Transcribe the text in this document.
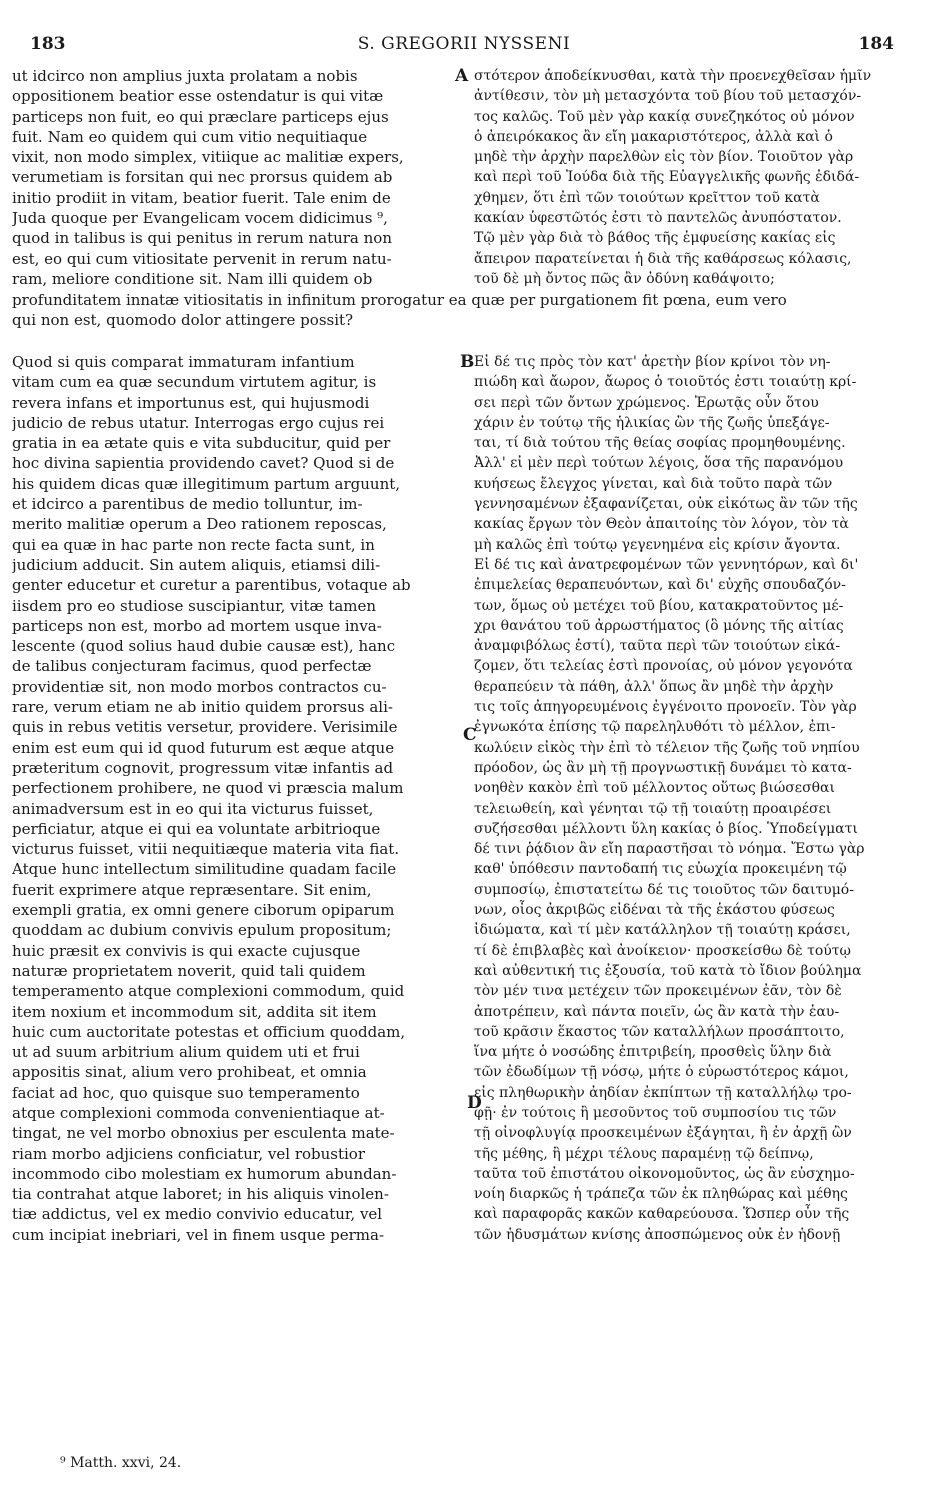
183	S. GREGORII NYSSENI	184
ut idcirco non amplius juxta prolatam a nobis
oppositionem beatior esse ostendatur is qui vitæ
particeps non fuit, eo qui præclare particeps ejus
fuit. Nam eo quidem qui cum vitio nequitiaque
vixit, non modo simplex, vitiique ac malitiæ expers,
verumetiam is forsitan qui nec prorsus quidem ab
initio prodiit in vitam, beatior fuerit. Tale enim de
Juda quoque per Evangelicam vocem didicimus ⁹,
quod in talibus is qui penitus in rerum natura non
est, eo qui cum vitiositate pervenit in rerum natu-
ram, meliore conditione sit. Nam illi quidem ob
στότερον ἀποδείκνυσθαι, κατὰ τὴν προενεχθεῖσαν ἡμῖν
ἀντίθεσιν, τὸν μὴ μετασχόντα τοῦ βίου τοῦ μετασχόν-
τος καλῶς. Τοῦ μὲν γὰρ κακίᾳ συνεζηκότος οὐ μόνον
ὁ ἀπειρόκακος ἂν εἴη μακαριστότερος, ἀλλὰ καὶ ὁ
μηδὲ τὴν ἀρχὴν παρελθὼν εἰς τὸν βίον. Τοιοῦτον γὰρ
καὶ περὶ τοῦ Ἰούδα διὰ τῆς Εὐαγγελικῆς φωνῆς ἐδιδά-
χθημεν, ὅτι ἐπὶ τῶν τοιούτων κρεῖττον τοῦ κατὰ
κακίαν ὑφεστῶτός ἐστι τὸ παντελῶς ἀνυπόστατον.
Τῷ μὲν γὰρ διὰ τὸ βάθος τῆς ἐμφυείσης κακίας εἰς
ἄπειρον παρατείνεται ἡ διὰ τῆς καθάρσεως κόλασις,
τοῦ δὲ μὴ ὄντος πῶς ἂν ὀδύνη καθάψοιτο;
profunditatem innatæ vitiositatis in infinitum prorogatur ea quæ per purgationem fit pœna, eum vero
qui non est, quomodo dolor attingere possit?
Quod si quis comparat immaturam infantium
vitam cum ea quæ secundum virtutem agitur, is
revera infans et importunus est, qui hujusmodi
judicio de rebus utatur. Interrogas ergo cujus rei
gratia in ea ætate quis e vita subducitur, quid per
hoc divina sapientia providendo cavet? Quod si de
his quidem dicas quæ illegitimum partum arguunt,
et idcirco a parentibus de medio tolluntur, im-
merito malitiæ operum a Deo rationem reposcas,
qui ea quæ in hac parte non recte facta sunt, in
judicium adducit. Sin autem aliquis, etiamsi dili-
genter educetur et curetur a parentibus, votaque ab
iisdem pro eo studiose suscipiantur, vitæ tamen
particeps non est, morbo ad mortem usque inva-
lescente (quod solius haud dubie causæ est), hanc
de talibus conjecturam facimus, quod perfectæ
providentiæ sit, non modo morbos contractos cu-
rare, verum etiam ne ab initio quidem prorsus ali-
quis in rebus vetitis versetur, providere. Verisimile
enim est eum qui id quod futurum est æque atque
præteritum cognovit, progressum vitæ infantis ad
perfectionem prohibere, ne quod vi præscia malum
animadversum est in eo qui ita victurus fuisset,
perficiatur, atque ei qui ea voluntate arbitrioque
victurus fuisset, vitii nequitiæque materia vita fiat.
Atque hunc intellectum similitudine quadam facile
fuerit exprimere atque repræsentare. Sit enim,
exempli gratia, ex omni genere ciborum opiparum
quoddam ac dubium convivis epulum propositum;
huic præsit ex convivis is qui exacte cujusque
naturæ proprietatem noverit, quid tali quidem
temperamento atque complexioni commodum, quid
item noxium et incommodum sit, addita sit item
huic cum auctoritate potestas et officium quoddam,
ut ad suum arbitrium alium quidem uti et frui
appositis sinat, alium vero prohibeat, et omnia
faciat ad hoc, quo quisque suo temperamento
atque complexioni commoda convenientiaque at-
tingat, ne vel morbo obnoxius per esculenta mate-
riam morbo adjiciens conficiatur, vel robustior
incommodo cibo molestiam ex humorum abundan-
tia contrahat atque laboret; in his aliquis vinolen-
tiæ addictus, vel ex medio convivio educatur, vel
cum incipiat inebriari, vel in finem usque perma-
Εἰ δέ τις πρὸς τὸν κατ' ἀρετὴν βίον κρίνοι τὸν νη-
πιώδη καὶ ἄωρον, ἄωρος ὁ τοιοῦτός ἐστι τοιαύτῃ κρί-
σει περὶ τῶν ὄντων χρώμενος. Ἐρωτᾷς οὖν ὅτου
χάριν ἐν τούτῳ τῆς ἡλικίας ὢν τῆς ζωῆς ὑπεξάγε-
ται, τί διὰ τούτου τῆς θείας σοφίας προμηθουμένης.
Ἀλλ' εἰ μὲν περὶ τούτων λέγοις, ὅσα τῆς παρανόμου
κυήσεως ἔλεγχος γίνεται, καὶ διὰ τοῦτο παρὰ τῶν
γεννησαμένων ἐξαφανίζεται, οὐκ εἰκότως ἂν τῶν τῆς
κακίας ἔργων τὸν Θεὸν ἀπαιτοίης τὸν λόγον, τὸν τὰ
μὴ καλῶς ἐπὶ τούτῳ γεγενημένα εἰς κρίσιν ἄγοντα.
Εἰ δέ τις καὶ ἀνατρεφομένων τῶν γεννητόρων, καὶ δι'
ἐπιμελείας θεραπευόντων, καὶ δι' εὐχῆς σπουδαζόν-
των, ὅμως οὐ μετέχει τοῦ βίου, κατακρατοῦντος μέ-
χρι θανάτου τοῦ ἀρρωστήματος (ὃ μόνης τῆς αἰτίας
ἀναμφιβόλως ἐστί), ταῦτα περὶ τῶν τοιούτων εἰκά-
ζομεν, ὅτι τελείας ἐστὶ προνοίας, οὐ μόνον γεγονότα
θεραπεύειν τὰ πάθη, ἀλλ' ὅπως ἂν μηδὲ τὴν ἀρχὴν
τις τοῖς ἀπηγορευμένοις ἐγγένοιτο προνοεῖν. Τὸν γὰρ
ἐγνωκότα ἐπίσης τῷ παρεληλυθότι τὸ μέλλον, ἐπι-
κωλύειν εἰκὸς τὴν ἐπὶ τὸ τέλειον τῆς ζωῆς τοῦ νηπίου
πρόοδον, ὡς ἂν μὴ τῇ προγνωστικῇ δυνάμει τὸ κατα-
νοηθὲν κακὸν ἐπὶ τοῦ μέλλοντος οὕτως βιώσεσθαι
τελειωθείη, καὶ γένηται τῷ τῇ τοιαύτῃ προαιρέσει
συζήσεσθαι μέλλοντι ὕλη κακίας ὁ βίος. Ὑποδείγματι
δέ τινι ῥᾴδιον ἂν εἴη παραστῆσαι τὸ νόημα. Ἔστω γὰρ
καθ' ὑπόθεσιν παντοδαπή τις εὐωχία προκειμένη τῷ
συμποσίῳ, ἐπιστατείτω δέ τις τοιοῦτος τῶν δαιτυμό-
νων, οἷος ἀκριβῶς εἰδέναι τὰ τῆς ἑκάστου φύσεως
ἰδιώματα, καὶ τί μὲν κατάλληλον τῇ τοιαύτῃ κράσει,
τί δὲ ἐπιβλαβὲς καὶ ἀνοίκειον· προσκείσθω δὲ τούτῳ
καὶ αὐθεντική τις ἐξουσία, τοῦ κατὰ τὸ ἴδιον βούλημα
τὸν μέν τινα μετέχειν τῶν προκειμένων ἐᾶν, τὸν δὲ
ἀποτρέπειν, καὶ πάντα ποιεῖν, ὡς ἂν κατὰ τὴν ἑαυ-
τοῦ κρᾶσιν ἕκαστος τῶν καταλλήλων προσάπτοιτο,
ἵνα μήτε ὁ νοσώδης ἐπιτριβείη, προσθεὶς ὕλην διὰ
τῶν ἐδωδίμων τῇ νόσῳ, μήτε ὁ εὐρωστότερος κάμοι,
εἰς πληθωρικὴν ἀηδίαν ἐκπίπτων τῇ καταλλήλῳ τρο-
φῇ· ἐν τούτοις ἢ μεσοῦντος τοῦ συμποσίου τις τῶν
τῇ οἰνοφλυγίᾳ προσκειμένων ἐξάγηται, ἢ ἐν ἀρχῇ ὢν
τῆς μέθης, ἢ μέχρι τέλους παραμένῃ τῷ δείπνῳ,
ταῦτα τοῦ ἐπιστάτου οἰκονομοῦντος, ὡς ἂν εὐσχημο-
νοίη διαρκῶς ἡ τράπεζα τῶν ἐκ πληθώρας καὶ μέθης
καὶ παραφορᾶς κακῶν καθαρεύουσα. Ὥσπερ οὖν τῆς
τῶν ἡδυσμάτων κνίσης ἀποσπώμενος οὐκ ἐν ἡδονῇ
A
B
C
D
⁹ Matth. xxvi, 24.
